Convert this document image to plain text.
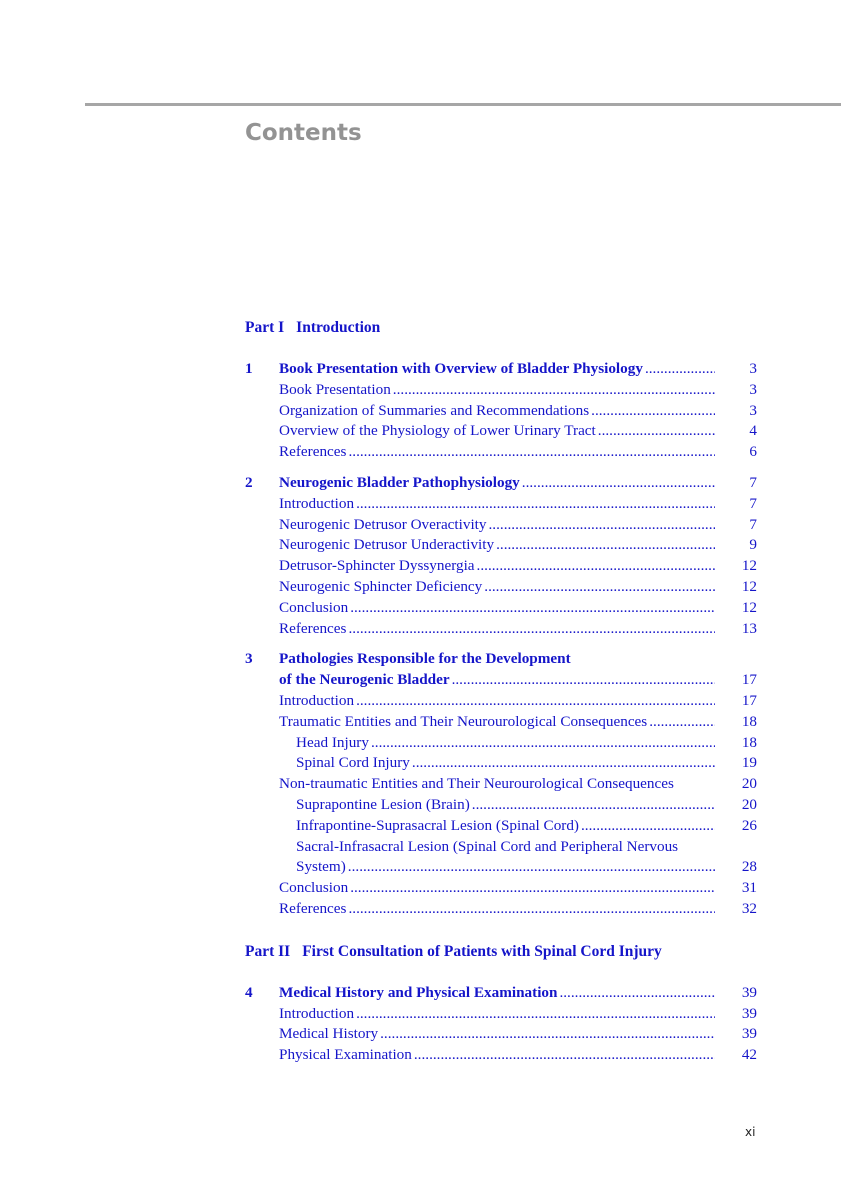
Contents
Part I Introduction
1	Book Presentation with Overview of Bladder Physiology .....	3
Book Presentation .....	3
Organization of Summaries and Recommendations .....	3
Overview of the Physiology of Lower Urinary Tract .....	4
References .....	6
2	Neurogenic Bladder Pathophysiology .....	7
Introduction .....	7
Neurogenic Detrusor Overactivity .....	7
Neurogenic Detrusor Underactivity .....	9
Detrusor-Sphincter Dyssynergia .....	12
Neurogenic Sphincter Deficiency .....	12
Conclusion .....	12
References .....	13
3	Pathologies Responsible for the Development
of the Neurogenic Bladder .....	17
Introduction .....	17
Traumatic Entities and Their Neurourological Consequences .....	18
Head Injury .....	18
Spinal Cord Injury .....	19
Non-traumatic Entities and Their Neurourological Consequences	20
Suprapontine Lesion (Brain) .....	20
Infrapontine-Suprasacral Lesion (Spinal Cord) .....	26
Sacral-Infrasacral Lesion (Spinal Cord and Peripheral Nervous
System) .....	28
Conclusion .....	31
References .....	32
Part II First Consultation of Patients with Spinal Cord Injury
4	Medical History and Physical Examination .....	39
Introduction .....	39
Medical History .....	39
Physical Examination .....	42
xi
